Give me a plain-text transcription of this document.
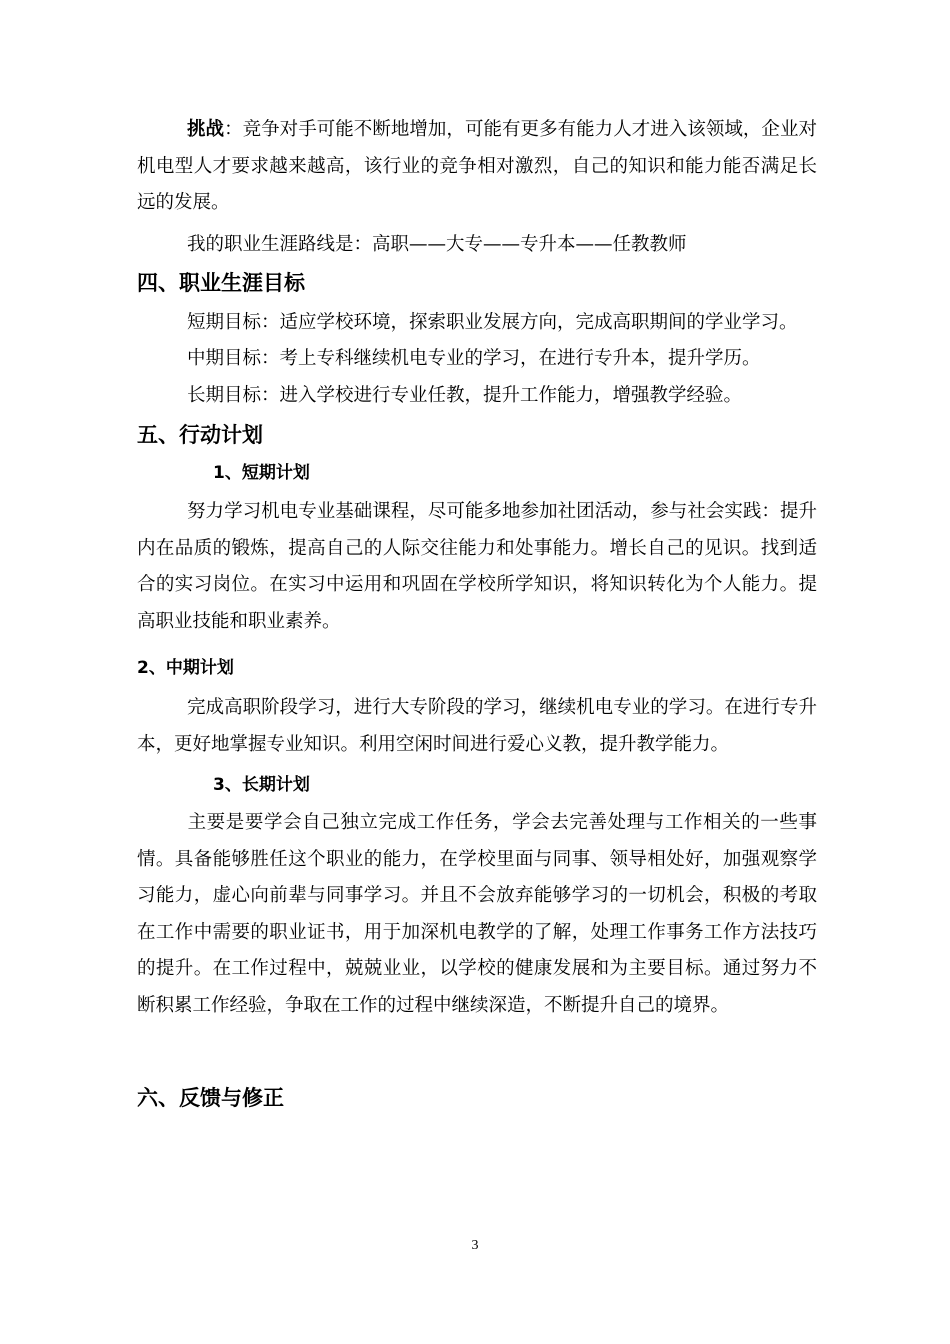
挑战：竞争对手可能不断地增加，可能有更多有能力人才进入该领域，企业对机电型人才要求越来越高，该行业的竞争相对激烈，自己的知识和能力能否满足长远的发展。

我的职业生涯路线是：高职——大专——专升本——任教教师

四、职业生涯目标

短期目标：适应学校环境，探索职业发展方向，完成高职期间的学业学习。

中期目标：考上专科继续机电专业的学习，在进行专升本，提升学历。

长期目标：进入学校进行专业任教，提升工作能力，增强教学经验。

五、行动计划
1、短期计划

努力学习机电专业基础课程，尽可能多地参加社团活动，参与社会实践：提升内在品质的锻炼，提高自己的人际交往能力和处事能力。增长自己的见识。找到适合的实习岗位。在实习中运用和巩固在学校所学知识，将知识转化为个人能力。提高职业技能和职业素养。

2、中期计划

完成高职阶段学习，进行大专阶段的学习，继续机电专业的学习。在进行专升本，更好地掌握专业知识。利用空闲时间进行爱心义教，提升教学能力。

3、长期计划

主要是要学会自己独立完成工作任务，学会去完善处理与工作相关的一些事情。具备能够胜任这个职业的能力，在学校里面与同事、领导相处好，加强观察学习能力，虚心向前辈与同事学习。并且不会放弃能够学习的一切机会，积极的考取在工作中需要的职业证书，用于加深机电教学的了解，处理工作事务工作方法技巧的提升。在工作过程中，兢兢业业，以学校的健康发展和为主要目标。通过努力不断积累工作经验，争取在工作的过程中继续深造，不断提升自己的境界。

六、反馈与修正
3
